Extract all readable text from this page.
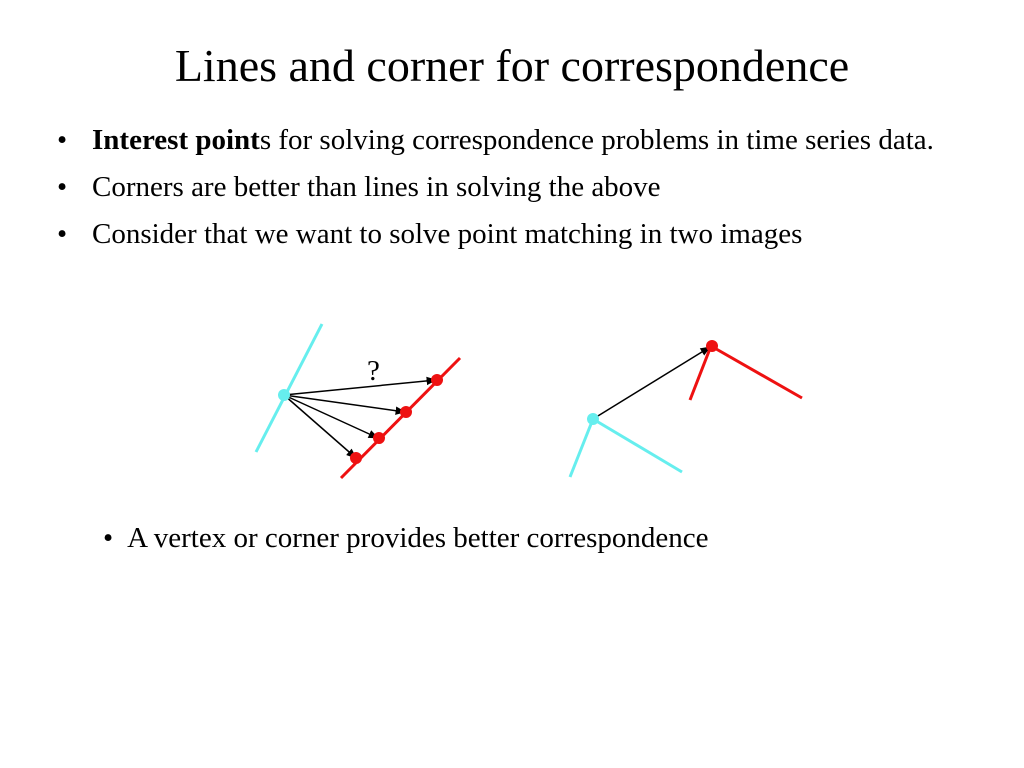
Lines and corner for correspondence
• Interest points for solving correspondence problems in time series data.
• Corners are better than lines in solving the above
• Consider that we want to solve point matching in two images
?
• A vertex or corner provides better correspondence
